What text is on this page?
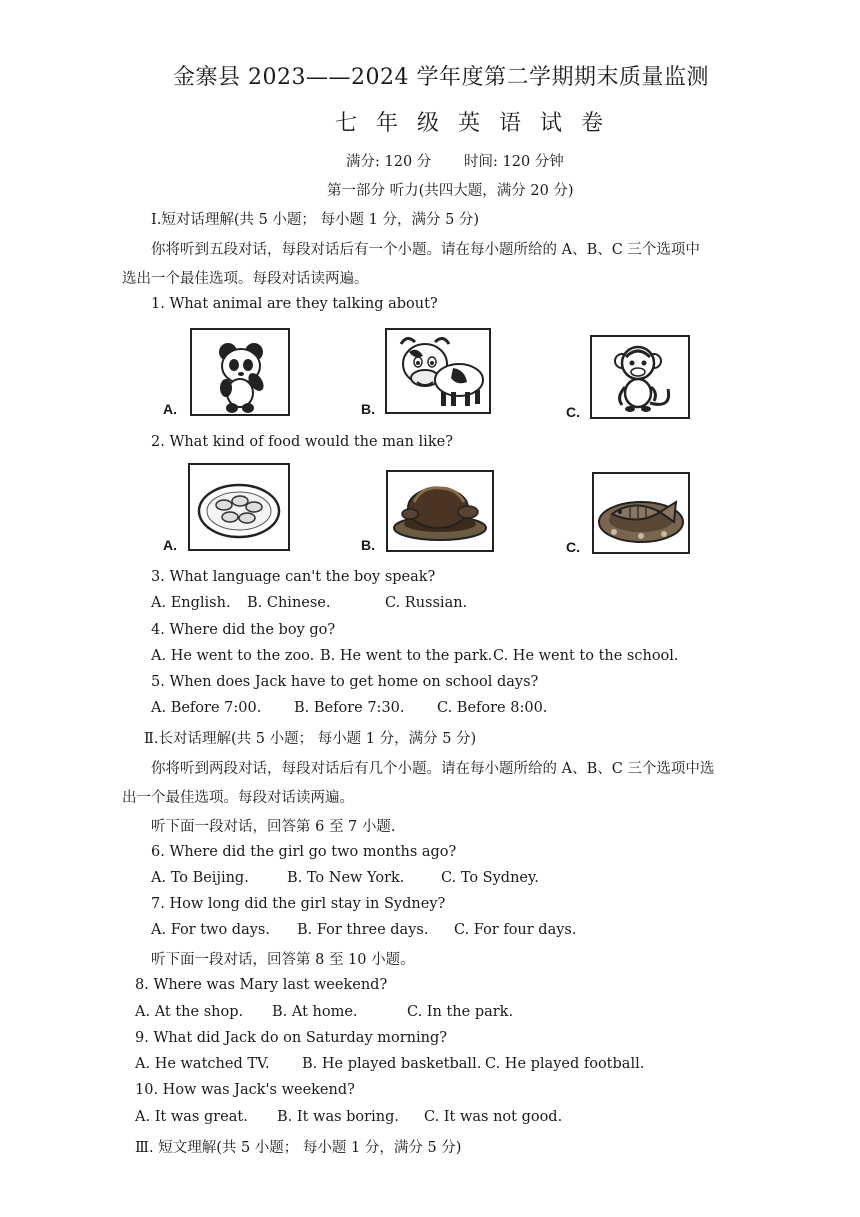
金寨县 2023——2024 学年度第二学期期末质量监测
七 年 级 英 语 试 卷
满分: 120 分 时间: 120 分钟
第一部分 听力(共四大题，满分 20 分)
I.短对话理解(共 5 小题； 每小题 1 分，满分 5 分)
你将听到五段对话，每段对话后有一个小题。请在每小题所给的 A、B、C 三个选项中
选出一个最佳选项。每段对话读两遍。
1. What animal are they talking about?
A.	B.	C.
2. What kind of food would the man like?
A.	B.	C.
3. What language can't the boy speak?
A. English. B. Chinese.	C. Russian.
4. Where did the boy go?
A. He went to the zoo. B. He went to the park. C. He went to the school.
5. When does Jack have to get home on school days?
A. Before 7:00. B. Before 7:30. C. Before 8:00.
Ⅱ.长对话理解(共 5 小题； 每小题 1 分，满分 5 分)
你将听到两段对话，每段对话后有几个小题。请在每小题所给的 A、B、C 三个选项中选
出一个最佳选项。每段对话读两遍。
听下面一段对话，回答第 6 至 7 小题.
6. Where did the girl go two months ago?
A. To Beijing.	B. To New York.	C. To Sydney.
7. How long did the girl stay in Sydney?
A. For two days. B. For three days. C. For four days.
听下面一段对话，回答第 8 至 10 小题。
8. Where was Mary last weekend?
A. At the shop. B. At home.	C. In the park.
9. What did Jack do on Saturday morning?
A. He watched TV. B. He played basketball. C. He played football.
10. How was Jack's weekend?
A. It was great. B. It was boring. C. It was not good.
Ⅲ. 短文理解(共 5 小题； 每小题 1 分，满分 5 分)
